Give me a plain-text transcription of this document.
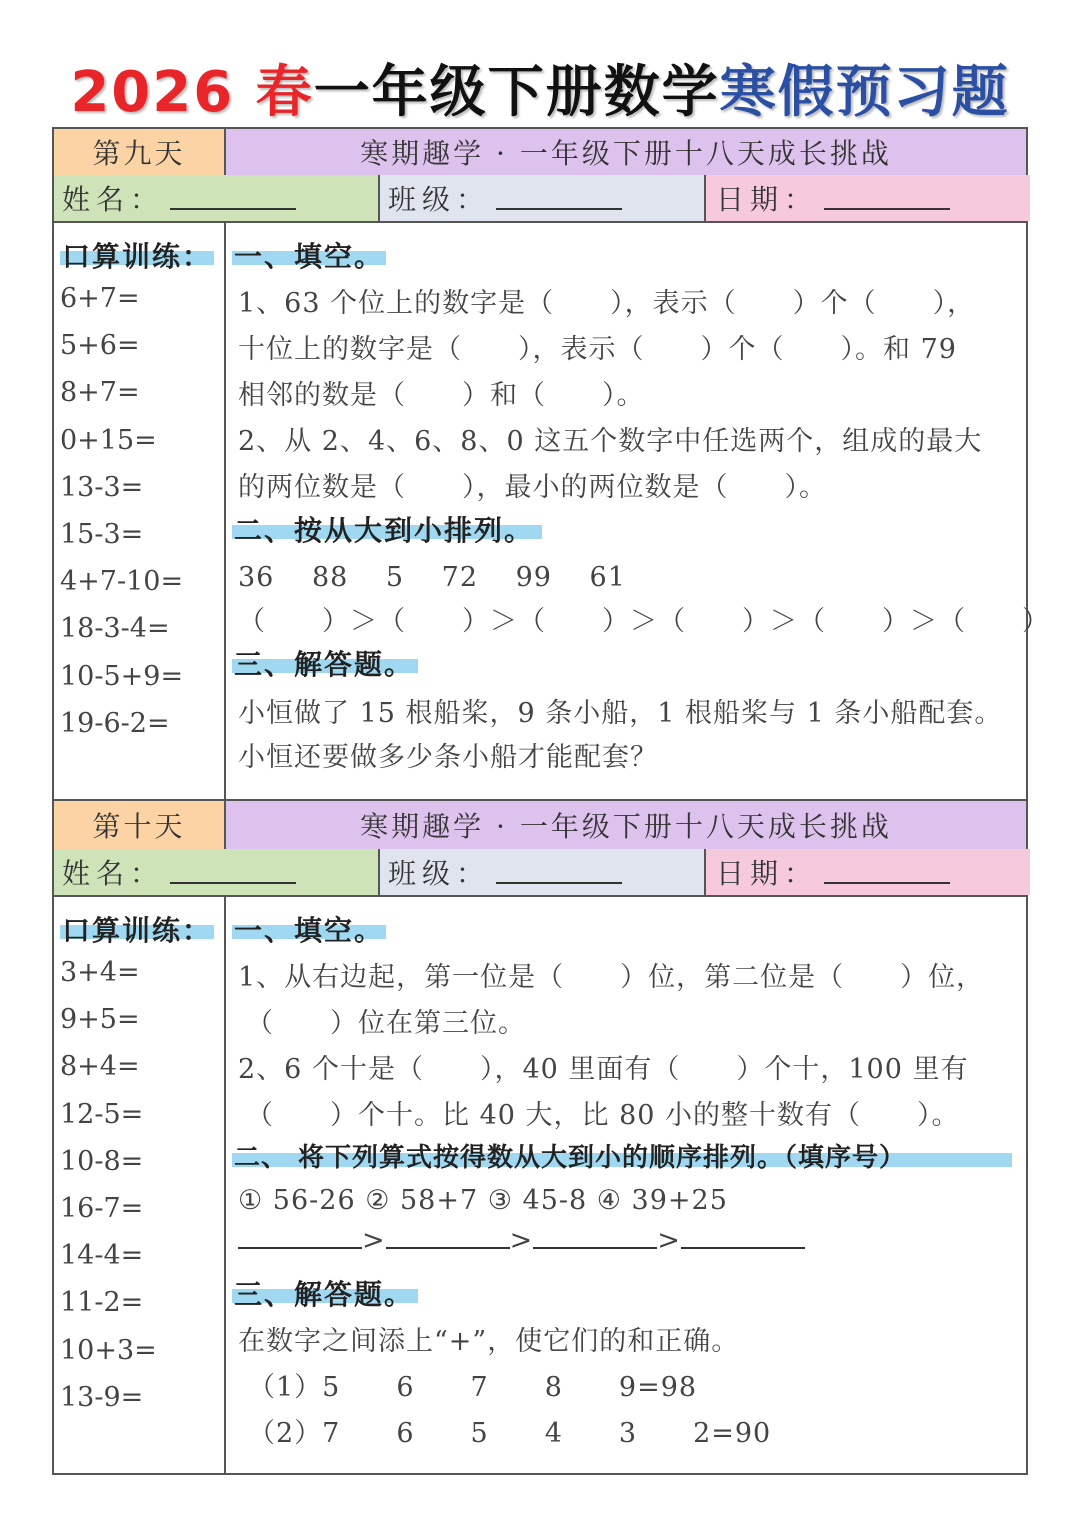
2026 春一年级下册数学寒假预习题
第九天	寒期趣学 · 一年级下册十八天成长挑战
姓名：	班级：	日期：
口算训练：
6+7=
5+6=
8+7=
0+15=
13-3=
15-3=
4+7-10=
18-3-4=
10-5+9=
19-6-2=
一、填空。
1、63 个位上的数字是（　　），表示（　　）个（　　），
十位上的数字是（　　），表示（　　）个（　　）。和 79
相邻的数是（　　）和（　　）。
2、从 2、4、6、8、0 这五个数字中任选两个，组成的最大
的两位数是（　　），最小的两位数是（　　）。
二、按从大到小排列。
36　 88　 5　 72　 99　 61
（　　）＞（　　）＞（　　）＞（　　）＞（　　）＞（　　）
三、解答题。
小恒做了 15 根船桨，9 条小船，1 根船桨与 1 条小船配套。
小恒还要做多少条小船才能配套？
第十天	寒期趣学 · 一年级下册十八天成长挑战
姓名：	班级：	日期：
口算训练：
3+4=
9+5=
8+4=
12-5=
10-8=
16-7=
14-4=
11-2=
10+3=
13-9=
一、填空。
1、从右边起，第一位是（　　）位，第二位是（　　）位，
（　　）位在第三位。
2、6 个十是（　　），40 里面有（　　）个十，100 里有
（　　）个十。比 40 大，比 80 小的整十数有（　　）。
二、 将下列算式按得数从大到小的顺序排列。（填序号）
① 56-26 ② 58+7 ③ 45-8 ④ 39+25
>	>	>
三、解答题。
在数字之间添上“+”，使它们的和正确。
（1）5　　6　　7　　8　　9=98
（2）7　　6　　5　　4　　3　　2=90
